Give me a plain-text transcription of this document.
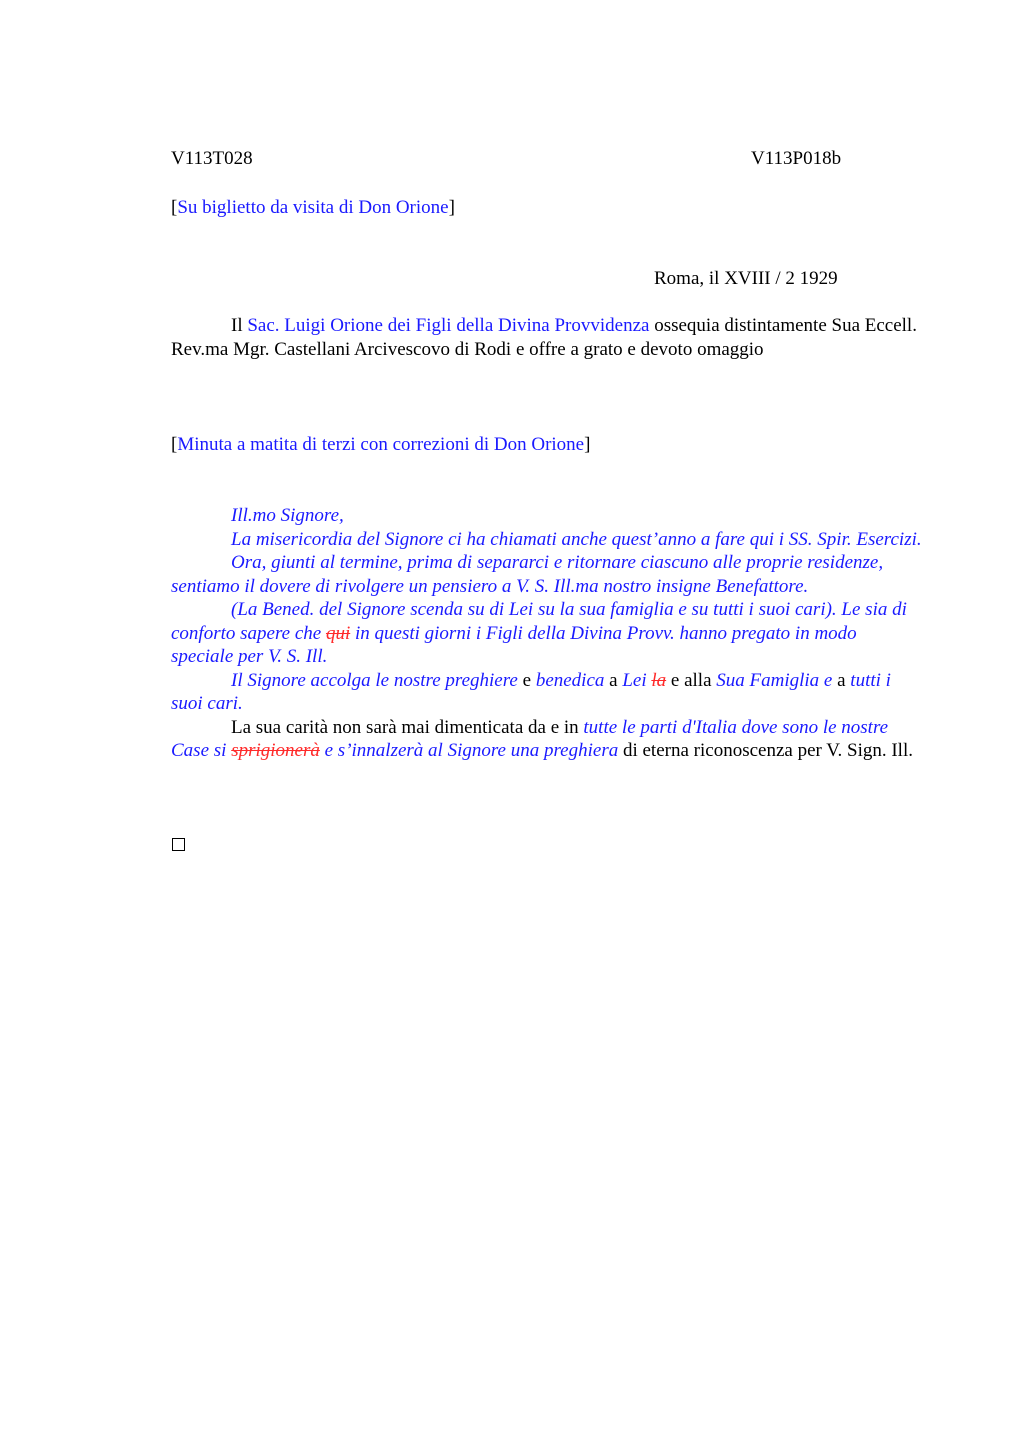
V113T028	V113P018b
[Su biglietto da visita di Don Orione]
Roma, il XVIII / 2 1929
Il Sac. Luigi Orione dei Figli della Divina Provvidenza ossequia distintamente Sua Eccell. Rev.ma Mgr. Castellani Arcivescovo di Rodi e offre a grato e devoto omaggio
[Minuta a matita di terzi con correzioni di Don Orione]
Ill.mo Signore,
La misericordia del Signore ci ha chiamati anche quest’anno a fare qui i SS. Spir. Esercizi.
Ora, giunti al termine, prima di separarci e ritornare ciascuno alle proprie residenze, sentiamo il dovere di rivolgere un pensiero a V. S. Ill.ma nostro insigne Benefattore.
(La Bened. del Signore scenda su di Lei su la sua famiglia e su tutti i suoi cari). Le sia di conforto sapere che qui in questi giorni i Figli della Divina Provv. hanno pregato in modo speciale per V. S. Ill.
Il Signore accolga le nostre preghiere e benedica a Lei la e alla Sua Famiglia e a tutti i suoi cari.
La sua carità non sarà mai dimenticata da e in tutte le parti d'Italia dove sono le nostre Case si sprigionerà e s’innalzerà al Signore una preghiera di eterna riconoscenza per V. Sign. Ill.
